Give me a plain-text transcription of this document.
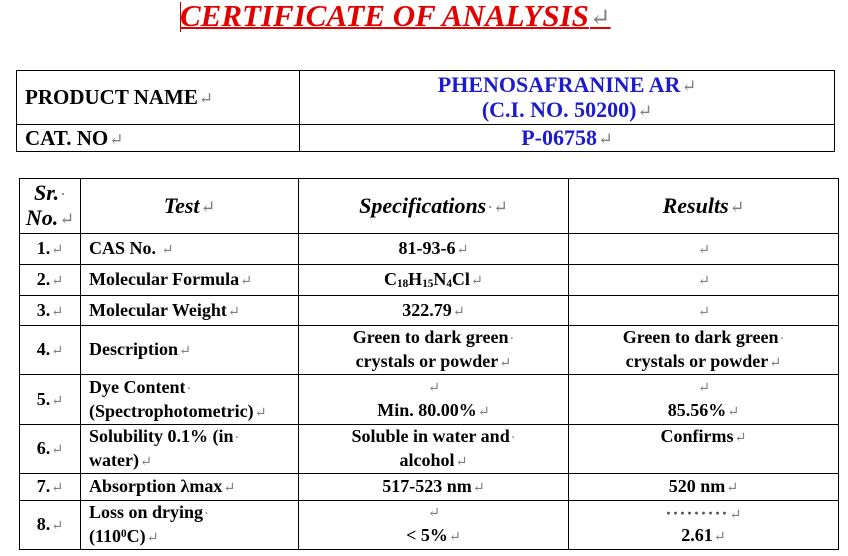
CERTIFICATE OF ANALYSIS↵
PRODUCT NAME↵	PHENOSAFRANINE AR↵
(C.I. NO. 50200)↵
CAT. NO↵	P-06758↵
Sr.·
No.↵	Test↵	Specifications·↵	Results↵
1.↵	CAS No. ↵	81-93-6↵	↵
2.↵	Molecular Formula↵	$C_{18}H_{15}N_4Cl↵$	↵
3.↵	Molecular Weight↵	322.79↵	↵
4.↵	Description↵	Green to dark green·
crystals or powder↵	Green to dark green·
crystals or powder↵
5.↵	Dye Content·
(Spectrophotometric)↵	↵
Min. 80.00%↵	↵
85.56%↵
6.↵	Solubility 0.1% (in·
water)↵	Soluble in water and·
alcohol↵	Confirms↵
7.↵	Absorption λmax↵	517-523 nm↵	520 nm↵
8.↵	Loss on drying·
$(110^0C)↵$	↵
< 5%↵	·········↵
2.61↵
